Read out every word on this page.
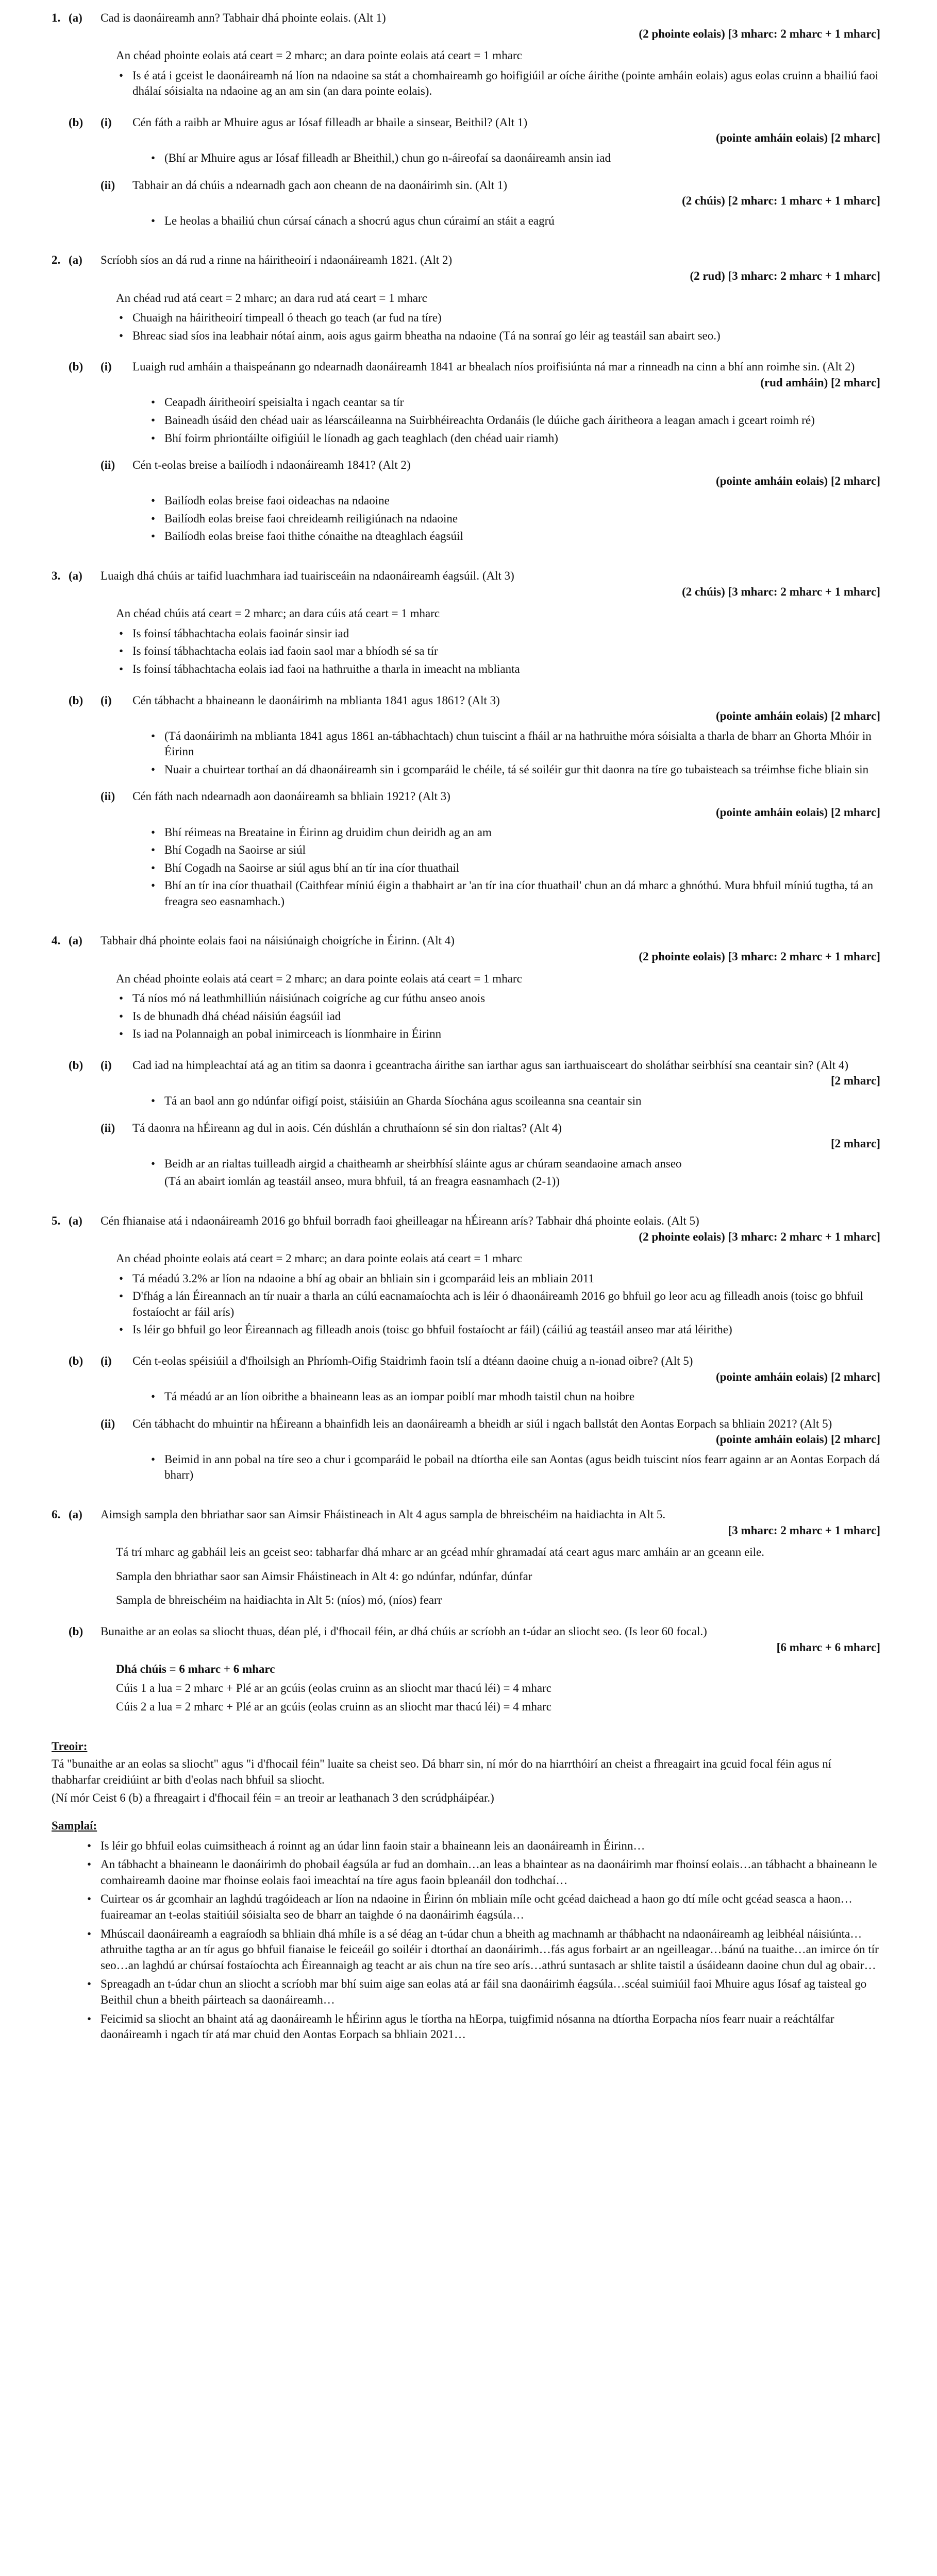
1. (a) Cad is daonáireamh ann? Tabhair dhá phointe eolais. (Alt 1)

(2 phointe eolais) [3 mharc: 2 mharc + 1 mharc]

An chéad phointe eolais atá ceart = 2 mharc; an dara pointe eolais atá ceart = 1 mharc

• Is é atá i gceist le daonáireamh ná líon na ndaoine sa stát a chomhaireamh go hoifigiúil ar oíche áirithe (pointe amháin eolais) agus eolas cruinn a bhailiú faoi dhálaí sóisialta na ndaoine ag an am sin (an dara pointe eolais).
(b) (i) Cén fáth a raibh ar Mhuire agus ar Iósaf filleadh ar bhaile a sinsear, Beithil? (Alt 1)

(pointe amháin eolais) [2 mharc]

• (Bhí ar Mhuire agus ar Iósaf filleadh ar Bheithil,) chun go n-áireofaí sa daonáireamh ansin iad
(ii) Tabhair an dá chúis a ndearnadh gach aon cheann de na daonáirimh sin. (Alt 1)

(2 chúis) [2 mharc: 1 mharc + 1 mharc]

• Le heolas a bhailiú chun cúrsaí cánach a shocrú agus chun cúraimí an stáit a eagrú
2. (a) Scríobh síos an dá rud a rinne na háiritheoirí i ndaonáireamh 1821. (Alt 2)

(2 rud) [3 mharc: 2 mharc + 1 mharc]

An chéad rud atá ceart = 2 mharc; an dara rud atá ceart = 1 mharc

• Chuaigh na háiritheoirí timpeall ó theach go teach (ar fud na tíre)
• Bhreac siad síos ina leabhair nótaí ainm, aois agus gairm bheatha na ndaoine (Tá na sonraí go léir ag teastáil san abairt seo.)
(b) (i) Luaigh rud amháin a thaispeánann go ndearnadh daonáireamh 1841 ar bhealach níos proifisiúnta ná mar a rinneadh na cinn a bhí ann roimhe sin. (Alt 2)

(rud amháin) [2 mharc]

• Ceapadh áiritheoirí speisialta i ngach ceantar sa tír
• Baineadh úsáid den chéad uair as léarscáileanna na Suirbhéireachta Ordanáis (le dúiche gach áiritheora a leagan amach i gceart roimh ré)
• Bhí foirm phriontáilte oifigiúil le líonadh ag gach teaghlach (den chéad uair riamh)
(ii) Cén t-eolas breise a bailíodh i ndaonáireamh 1841? (Alt 2)

(pointe amháin eolais) [2 mharc]

• Bailíodh eolas breise faoi oideachas na ndaoine
• Bailíodh eolas breise faoi chreideamh reiligiúnach na ndaoine
• Bailíodh eolas breise faoi thithe cónaithe na dteaghlach éagsúil
3. (a) Luaigh dhá chúis ar taifid luachmhara iad tuairisceáin na ndaonáireamh éagsúil. (Alt 3)

(2 chúis) [3 mharc: 2 mharc + 1 mharc]

An chéad chúis atá ceart = 2 mharc; an dara cúis atá ceart = 1 mharc

• Is foinsí tábhachtacha eolais faoinár sinsir iad
• Is foinsí tábhachtacha eolais iad faoin saol mar a bhíodh sé sa tír
• Is foinsí tábhachtacha eolais iad faoi na hathruithe a tharla in imeacht na mblianta
(b) (i) Cén tábhacht a bhaineann le daonáirimh na mblianta 1841 agus 1861? (Alt 3)

(pointe amháin eolais) [2 mharc]

• (Tá daonáirimh na mblianta 1841 agus 1861 an-tábhachtach) chun tuiscint a fháil ar na hathruithe móra sóisialta a tharla de bharr an Ghorta Mhóir in Éirinn
• Nuair a chuirtear torthaí an dá dhaonáireamh sin i gcomparáid le chéile, tá sé soiléir gur thit daonra na tíre go tubaisteach sa tréimhse fiche bliain sin
(ii) Cén fáth nach ndearnadh aon daonáireamh sa bhliain 1921? (Alt 3)

(pointe amháin eolais) [2 mharc]

• Bhí réimeas na Breataine in Éirinn ag druidim chun deiridh ag an am
• Bhí Cogadh na Saoirse ar siúl
• Bhí Cogadh na Saoirse ar siúl agus bhí an tír ina cíor thuathail
• Bhí an tír ina cíor thuathail (Caithfear míniú éigin a thabhairt ar 'an tír ina cíor thuathail' chun an dá mharc a ghnóthú. Mura bhfuil míniú tugtha, tá an freagra seo easnamhach.)
4. (a) Tabhair dhá phointe eolais faoi na náisiúnaigh choigríche in Éirinn. (Alt 4)

(2 phointe eolais) [3 mharc: 2 mharc + 1 mharc]

An chéad phointe eolais atá ceart = 2 mharc; an dara pointe eolais atá ceart = 1 mharc

• Tá níos mó ná leathmhilliún náisiúnach coigríche ag cur fúthu anseo anois
• Is de bhunadh dhá chéad náisiún éagsúil iad
• Is iad na Polannaigh an pobal inimirceach is líonmhaire in Éirinn
(b) (i) Cad iad na himpleachtaí atá ag an titim sa daonra i gceantracha áirithe san iarthar agus san iarthuaisceart do sholáthar seirbhísí sna ceantair sin? (Alt 4)

[2 mharc]

• Tá an baol ann go ndúnfar oifigí poist, stáisiúin an Gharda Síochána agus scoileanna sna ceantair sin
(ii) Tá daonra na hÉireann ag dul in aois. Cén dúshlán a chruthaíonn sé sin don rialtas? (Alt 4)

[2 mharc]

• Beidh ar an rialtas tuilleadh airgid a chaitheamh ar sheirbhísí sláinte agus ar chúram seandaoine amach anseo

(Tá an abairt iomlán ag teastáil anseo, mura bhfuil, tá an freagra easnamhach (2-1))

5. (a) Cén fhianaise atá i ndaonáireamh 2016 go bhfuil borradh faoi gheilleagar na hÉireann arís? Tabhair dhá phointe eolais. (Alt 5)

(2 phointe eolais) [3 mharc: 2 mharc + 1 mharc]

An chéad phointe eolais atá ceart = 2 mharc; an dara pointe eolais atá ceart = 1 mharc

• Tá méadú 3.2% ar líon na ndaoine a bhí ag obair an bhliain sin i gcomparáid leis an mbliain 2011
• D'fhág a lán Éireannach an tír nuair a tharla an cúlú eacnamaíochta ach is léir ó dhaonáireamh 2016 go bhfuil go leor acu ag filleadh anois (toisc go bhfuil fostaíocht ar fáil arís)
• Is léir go bhfuil go leor Éireannach ag filleadh anois (toisc go bhfuil fostaíocht ar fáil) (cáiliú ag teastáil anseo mar atá léirithe)
(b) (i) Cén t-eolas spéisiúil a d'fhoilsigh an Phríomh-Oifig Staidrimh faoin tslí a dtéann daoine chuig a n-ionad oibre? (Alt 5)

(pointe amháin eolais) [2 mharc]

• Tá méadú ar an líon oibrithe a bhaineann leas as an iompar poiblí mar mhodh taistil chun na hoibre
(ii) Cén tábhacht do mhuintir na hÉireann a bhainfidh leis an daonáireamh a bheidh ar siúl i ngach ballstát den Aontas Eorpach sa bhliain 2021? (Alt 5)

(pointe amháin eolais) [2 mharc]

• Beimid in ann pobal na tíre seo a chur i gcomparáid le pobail na dtíortha eile san Aontas (agus beidh tuiscint níos fearr againn ar an Aontas Eorpach dá bharr)
6. (a) Aimsigh sampla den bhriathar saor san Aimsir Fháistineach in Alt 4 agus sampla de bhreischéim na haidiachta in Alt 5.

[3 mharc: 2 mharc + 1 mharc]

Tá trí mharc ag gabháil leis an gceist seo: tabharfar dhá mharc ar an gcéad mhír ghramadaí atá ceart agus marc amháin ar an gceann eile.

Sampla den bhriathar saor san Aimsir Fháistineach in Alt 4: go ndúnfar, ndúnfar, dúnfar

Sampla de bhreischéim na haidiachta in Alt 5: (níos) mó, (níos) fearr

(b) Bunaithe ar an eolas sa sliocht thuas, déan plé, i d'fhocail féin, ar dhá chúis ar scríobh an t-údar an sliocht seo. (Is leor 60 focal.)

[6 mharc + 6 mharc]

Dhá chúis = 6 mharc + 6 mharc

Cúis 1 a lua = 2 mharc + Plé ar an gcúis (eolas cruinn as an sliocht mar thacú léi) = 4 mharc

Cúis 2 a lua = 2 mharc + Plé ar an gcúis (eolas cruinn as an sliocht mar thacú léi) = 4 mharc

Treoir:

Tá "bunaithe ar an eolas sa sliocht" agus "i d'fhocail féin" luaite sa cheist seo. Dá bharr sin, ní mór do na hiarrthóirí an cheist a fhreagairt ina gcuid focal féin agus ní thabharfar creidiúint ar bith d'eolas nach bhfuil sa sliocht.

(Ní mór Ceist 6 (b) a fhreagairt i d'fhocail féin = an treoir ar leathanach 3 den scrúdpháipéar.)

Samplaí:
• Is léir go bhfuil eolas cuimsitheach á roinnt ag an údar linn faoin stair a bhaineann leis an daonáireamh in Éirinn…
• An tábhacht a bhaineann le daonáirimh do phobail éagsúla ar fud an domhain…an leas a bhaintear as na daonáirimh mar fhoinsí eolais…an tábhacht a bhaineann le comhaireamh daoine mar fhoinse eolais faoi imeachtaí na tíre agus faoin bpleanáil don todhchaí…
• Cuirtear os ár gcomhair an laghdú tragóideach ar líon na ndaoine in Éirinn ón mbliain míle ocht gcéad daichead a haon go dtí míle ocht gcéad seasca a haon…fuaireamar an t-eolas staitiúil sóisialta seo de bharr an taighde ó na daonáirimh éagsúla…
• Mhúscail daonáireamh a eagraíodh sa bhliain dhá mhíle is a sé déag an t-údar chun a bheith ag machnamh ar thábhacht na ndaonáireamh ag leibhéal náisiúnta…athruithe tagtha ar an tír agus go bhfuil fianaise le feiceáil go soiléir i dtorthaí an daonáirimh…fás agus forbairt ar an ngeilleagar…bánú na tuaithe…an imirce ón tír seo…an laghdú ar chúrsaí fostaíochta ach Éireannaigh ag teacht ar ais chun na tíre seo arís…athrú suntasach ar shlite taistil a úsáideann daoine chun dul ag obair…
• Spreagadh an t-údar chun an sliocht a scríobh mar bhí suim aige san eolas atá ar fáil sna daonáirimh éagsúla…scéal suimiúil faoi Mhuire agus Iósaf ag taisteal go Beithil chun a bheith páirteach sa daonáireamh…
• Feicimid sa sliocht an bhaint atá ag daonáireamh le hÉirinn agus le tíortha na hEorpa, tuigfimid nósanna na dtíortha Eorpacha níos fearr nuair a reáchtálfar daonáireamh i ngach tír atá mar chuid den Aontas Eorpach sa bhliain 2021…
